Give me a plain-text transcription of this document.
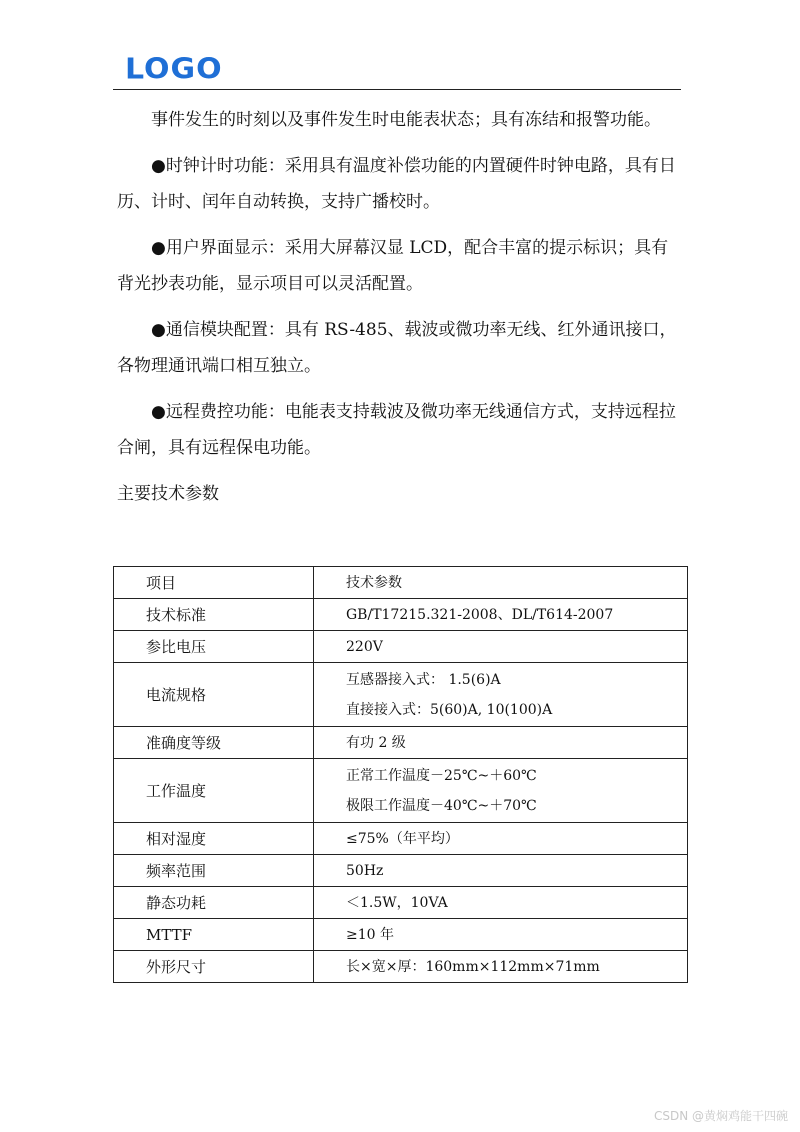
LOGO

事件发生的时刻以及事件发生时电能表状态；具有冻结和报警功能。

●时钟计时功能：采用具有温度补偿功能的内置硬件时钟电路，具有日历、计时、闰年自动转换，支持广播校时。

●用户界面显示：采用大屏幕汉显 LCD，配合丰富的提示标识；具有背光抄表功能，显示项目可以灵活配置。

●通信模块配置：具有 RS-485、载波或微功率无线、红外通讯接口，各物理通讯端口相互独立。

●远程费控功能：电能表支持载波及微功率无线通信方式，支持远程拉合闸，具有远程保电功能。

主要技术参数

项目	技术参数

技术标准	GB/T17215.321-2008、DL/T614-2007

参比电压	220V

电流规格	互感器接入式： 1.5(6)A
直接接入式：5(60)A, 10(100)A

准确度等级	有功 2 级

工作温度	正常工作温度－25℃~＋60℃
极限工作温度－40℃~＋70℃

相对湿度	≤75%（年平均）

频率范围	50Hz

静态功耗	＜1.5W，10VA

MTTF	≥10 年

外形尺寸	长×宽×厚：160mm×112mm×71mm
CSDN @黄焖鸡能干四碗
